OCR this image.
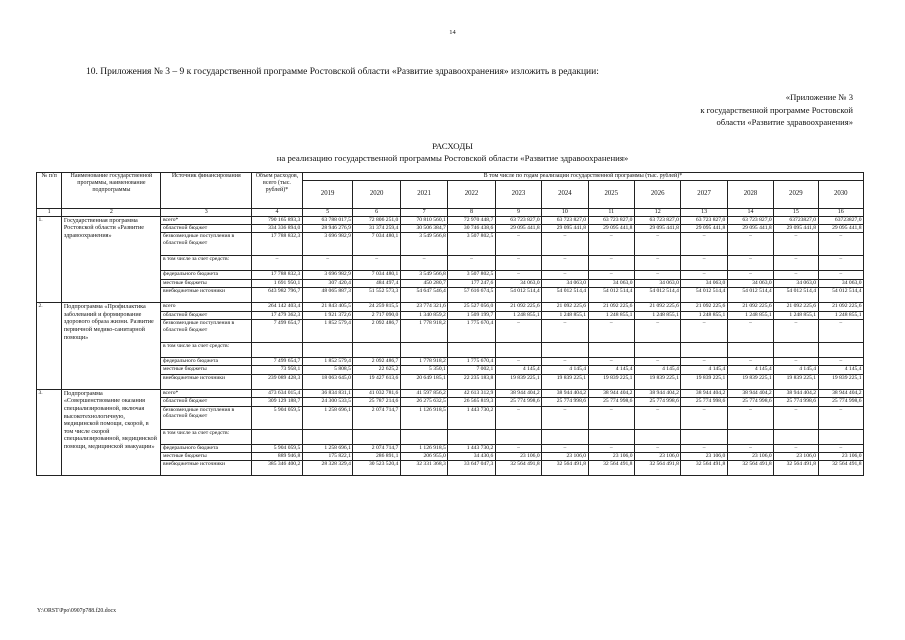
14
10. Приложения № 3 – 9 к государственной программе Ростовской области «Развитие здравоохранения» изложить в редакции:
«Приложение № 3
к государственной программе Ростовской
области «Развитие здравоохранения»
РАСХОДЫ
на реализацию государственной программы Ростовской области «Развитие здравоохранения»
№ п/п	Наименование государственной программы, наименование подпрограммы	Источник финансирования	Объем расходов, всего (тыс. рублей)*	В том числе по годам реализации государственной программы (тыс. рублей)*											
				2019	2020	2021	2022	2023	2024	2025	2026	2027	2028	2029	2030
1	2	3	4	5	6	7	8	9	10	11	12	13	14	15	16
1.	Государственная программа Ростовской области «Развитие здравоохранения»	всего*	790 165 893,3	63 788 017,5	72 806 251,0	70 810 560,1	72 970 448,7	63 723 827,0	63 723 827,0	63 723 827,0	63 723 827,0	63 723 827,0	63 723 827,0	63723827,0	63723827,0
		областной бюджет	334 336 894,0	28 946 276,9	31 374 259,4	30 506 384,7	30 746 438,6	29 095 441,8	29 095 441,8	29 095 441,8	29 095 441,8	29 095 441,8	29 095 441,8	29 095 441,8	29 095 441,8
		безвозмездные поступления в областной бюджет	17 788 832,3	3 696 982,9	7 034 480,1	3 549 566,8	3 507 802,5	–	–	–	–	–	–	–	–
		в том числе за счет средств:	–	–	–	–	–	–	–	–	–	–	–	–	–
		федерального бюджета	17 788 832,3	3 696 982,9	7 034 480,1	3 549 566,8	3 507 802,5	–	–	–	–	–	–	–	–
		местные бюджеты	1 691 950,1	307 420,4	484 497,4	450 280,7	177 247,6	34 063,0	34 063,0	34 063,0	34 063,0	34 063,0	34 063,0	34 063,0	34 063,0
		внебюджетные источники	643 982 796,7	48 065 887,3	51 552 573,3	54 647 546,4	57 616 674,5	54 012 514,4	54 012 514,4	54 012 514,4	54 012 514,4	54 012 514,4	54 012 514,4	54 012 514,4	54 012 514,4
2.	Подпрограмма «Профилактика заболеваний и формирование здорового образа жизни. Развитие первичной медико-санитарной помощи»	всего	264 142 403,4	21 843 405,5	24 259 815,5	23 774 321,6	25 527 056,0	21 092 225,6	21 092 225,6	21 092 225,6	21 092 225,6	21 092 225,6	21 092 225,6	21 092 225,6	21 092 225,6
		областной бюджет	17 479 362,3	1 921 372,6	2 717 090,0	1 340 859,2	1 509 199,7	1 248 855,1	1 248 855,1	1 248 855,1	1 248 855,1	1 248 855,1	1 248 855,1	1 248 855,1	1 248 855,1
		безвозмездные поступления в областной бюджет	7 499 654,7	1 852 579,4	2 092 486,7	1 778 918,2	1 775 670,4	–	–	–	–	–	–	–	–
		в том числе за счет средств:													
		федерального бюджета	7 499 654,7	1 852 579,4	2 092 486,7	1 778 918,2	1 775 670,4	–	–	–	–	–	–	–	–
		местные бюджеты	73 958,1	5 808,5	22 625,2	5 350,1	7 002,1	4 145,4	4 145,4	4 145,4	4 145,4	4 145,4	4 145,4	4 145,4	4 145,4
		внебюджетные источники	239 089 428,3	18 063 645,0	19 427 613,6	20 649 185,1	22 235 183,8	19 839 225,1	19 839 225,1	19 839 225,1	19 839 225,1	19 839 225,1	19 839 225,1	19 839 225,1	19 839 225,1
3.	Подпрограмма «Совершенствование оказания специализированной, включая высокотехнологичную, медицинской помощи, скорой, в том числе скорой специализированной, медицинской помощи, медицинской эвакуации»	всего*	473 634 015,4	36 834 831,1	41 032 781,6	41 597 856,2	42 613 312,9	38 944 404,2	38 944 404,2	38 944 404,2	38 944 404,2	38 944 404,2	38 944 404,2	38 944 404,2	38 944 404,2
		областной бюджет	309 129 188,7	24 300 533,5	25 787 214,6	26 275 632,5	26 565 819,3	25 774 998,6	25 774 998,6	25 774 998,6	25 774 998,6	25 774 998,6	25 774 998,6	25 774 998,6	25 774 998,6
		безвозмездные поступления в областной бюджет	5 904 059,5	1 258 696,1	2 074 714,7	1 126 918,5	1 443 730,2	–	–	–	–	–	–	–	–
		в том числе за счет средств:													
		федерального бюджета	5 904 059,5	1 258 696,1	2 074 714,7	1 126 918,5	1 443 730,2	–	–	–	–	–	–	–	–
		местные бюджеты	889 946,8	175 822,1	286 891,1	206 955,0	34 430,6	23 106,0	23 106,0	23 106,0	23 106,0	23 106,0	23 106,0	23 106,0	23 106,0
		внебюджетные источники	385 346 400,2	28 328 329,4	30 523 520,4	32 331 368,3	33 647 047,3	32 564 491,8	32 564 491,8	32 564 491,8	32 564 491,8	32 564 491,8	32 564 491,8	32 564 491,8	32 564 491,8
Y:\ORST\Ppo\0907p788.f20.docx
